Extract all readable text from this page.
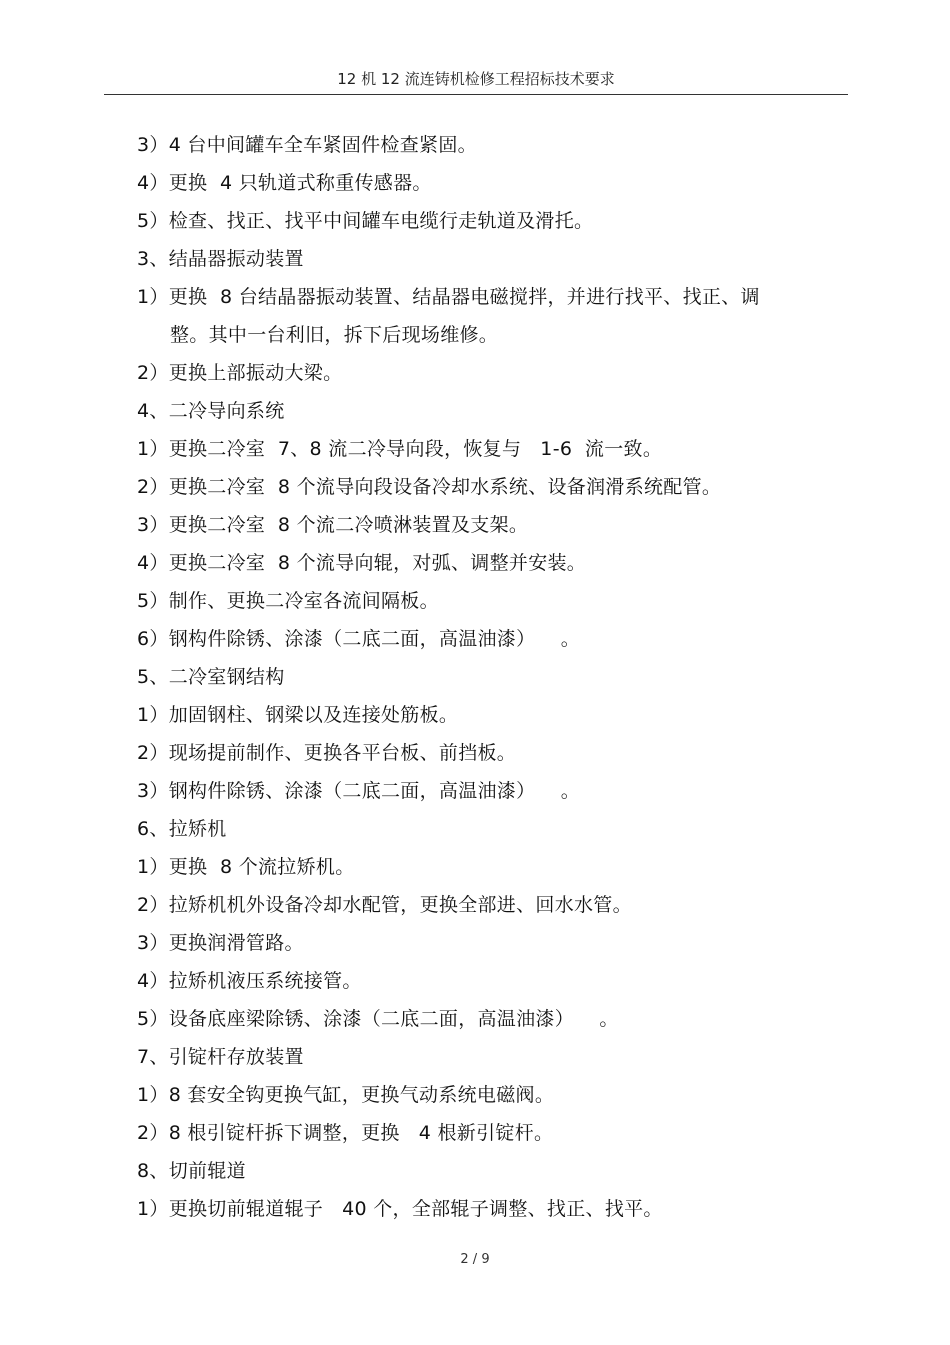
12 机 12 流连铸机检修工程招标技术要求
3）4 台中间罐车全车紧固件检查紧固。
4）更换  4 只轨道式称重传感器。
5）检查、找正、找平中间罐车电缆行走轨道及滑托。
3、结晶器振动装置
1）更换  8 台结晶器振动装置、结晶器电磁搅拌，并进行找平、找正、调
整。其中一台利旧，拆下后现场维修。
2）更换上部振动大梁。
4、二冷导向系统
1）更换二冷室  7、8 流二冷导向段，恢复与   1-6  流一致。
2）更换二冷室  8 个流导向段设备冷却水系统、设备润滑系统配管。
3）更换二冷室  8 个流二冷喷淋装置及支架。
4）更换二冷室  8 个流导向辊，对弧、调整并安装。
5）制作、更换二冷室各流间隔板。
6）钢构件除锈、涂漆（二底二面，高温油漆）    。
5、二冷室钢结构
1）加固钢柱、钢梁以及连接处筋板。
2）现场提前制作、更换各平台板、前挡板。
3）钢构件除锈、涂漆（二底二面，高温油漆）    。
6、拉矫机
1）更换  8 个流拉矫机。
2）拉矫机机外设备冷却水配管，更换全部进、回水水管。
3）更换润滑管路。
4）拉矫机液压系统接管。
5）设备底座梁除锈、涂漆（二底二面，高温油漆）    。
7、引锭杆存放装置
1）8 套安全钩更换气缸，更换气动系统电磁阀。
2）8 根引锭杆拆下调整，更换   4 根新引锭杆。
8、切前辊道
1）更换切前辊道辊子   40 个，全部辊子调整、找正、找平。
2 / 9
